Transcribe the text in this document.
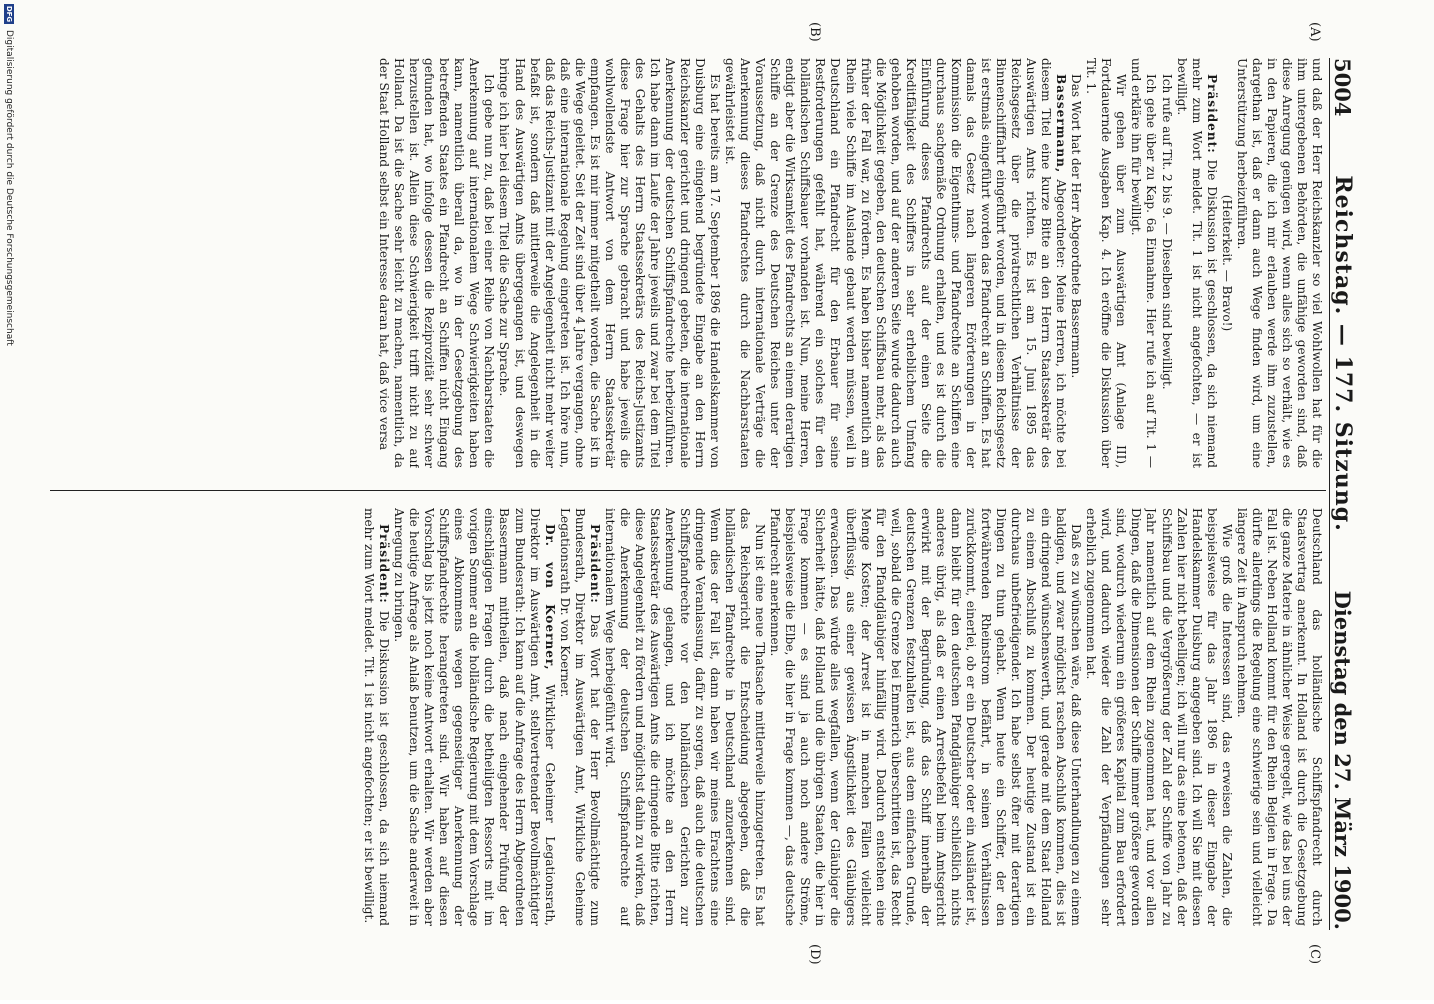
5004
Reichstag. — 177. Sitzung.
Dienstag den 27. März 1900.
(A)
(B)
(C)
(D)

und daß der Herr Reichskanzler so viel Wohlwollen hat für die ihm untergebenen Behörden, die unfähige geworden sind, daß diese Anregung genügen wird, wenn alles sich so verhält, wie es in den Papieren, die ich mir erlauben werde ihm zuzustellen, dargethan ist, daß er dann auch Wege finden wird, um eine Unterstützung herbeizuführen.

(Heiterkeit. — Bravo!)

Präsident: Die Diskussion ist geschlossen, da sich niemand mehr zum Wort meldet. Tit. 1 ist nicht angefochten, — er ist bewilligt.

Ich rufe auf Tit. 2 bis 9. — Dieselben sind bewilligt.

Ich gehe über zu Kap. 6a Einnahme. Hier rufe ich auf Tit. 1 — und erkläre ihn für bewilligt.

Wir gehen über zum Auswärtigen Amt (Anlage III), Fortdauernde Ausgaben Kap. 4. Ich eröffne die Diskussion über Tit. 1.

Das Wort hat der Herr Abgeordnete Bassermann.

Bassermann, Abgeordneter: Meine Herren, ich möchte bei diesem Titel eine kurze Bitte an den Herrn Staatssekretär des Auswärtigen Amts richten. Es ist am 15. Juni 1895 das Reichsgesetz über die privatrechtlichen Verhältnisse der Binnenschifffahrt eingeführt worden, und in diesem Reichsgesetz ist erstmals eingeführt worden das Pfandrecht an Schiffen. Es hat damals das Gesetz nach längeren Erörterungen in der Kommission die Eigenthums- und Pfandrechte an Schiffen eine durchaus sachgemäße Ordnung erhalten, und es ist durch die Einführung dieses Pfandrechts auf der einen Seite die Kreditfähigkeit des Schiffers in sehr erheblichem Umfang gehoben worden, und auf der anderen Seite wurde dadurch auch die Möglichkeit gegeben, den deutschen Schiffsbau mehr, als das früher der Fall war, zu fördern. Es haben bisher namentlich am Rhein viele Schiffe im Auslande gebaut werden müssen, weil in Deutschland ein Pfandrecht für den Erbauer für seine Restforderungen gefehlt hat, während ein solches für den holländischen Schiffsbauer vorhanden ist. Nun, meine Herren, endigt aber die Wirksamkeit des Pfandrechts an einem derartigen Schiffe an der Grenze des Deutschen Reiches unter der Voraussetzung, daß nicht durch internationale Verträge die Anerkennung dieses Pfandrechtes durch die Nachbarstaaten gewährleistet ist.

Es hat bereits am 17. September 1896 die Handelskammer von Duisburg eine eingehend begründete Eingabe an den Herrn Reichskanzler gerichtet und dringend gebeten, die internationale Anerkennung der deutschen Schiffspfandrechte herbeizuführen. Ich habe dann im Laufe der Jahre jeweils und zwar bei dem Titel des Gehalts des Herrn Staatssekretärs des Reichs-Justizamts diese Frage hier zur Sprache gebracht und habe jeweils die wohlwollendste Antwort von dem Herrn Staatssekretär empfangen. Es ist mir immer mitgetheilt worden, die Sache ist in die Wege geleitet. Seit der Zeit sind über 4 Jahre vergangen, ohne daß eine internationale Regelung eingetreten ist. Ich höre nun, daß das Reichs-Justizamt mit der Angelegenheit nicht mehr weiter befaßt ist, sondern daß mittlerweile die Angelegenheit in die Hand des Auswärtigen Amts übergegangen ist, und deswegen bringe ich hier bei diesem Titel die Sache zur Sprache.

Ich gebe nun zu, daß bei einer Reihe von Nachbarstaaten die Anerkennung auf internationalem Wege Schwierigkeiten haben kann, namentlich überall da, wo in der Gesetzgebung des betreffenden Staates ein Pfandrecht an Schiffen nicht Eingang gefunden hat, wo infolge dessen die Reziprozität sehr schwer herzustellen ist. Allein diese Schwierigkeit trifft nicht zu auf Holland. Da ist die Sache sehr leicht zu machen, namentlich, da der Staat Holland selbst ein Interesse daran hat, daß vice versa

Deutschland das holländische Schiffspfandrecht durch Staatsvertrag anerkennt. In Holland ist durch die Gesetzgebung die ganze Materie in ähnlicher Weise geregelt, wie das bei uns der Fall ist. Neben Holland kommt für den Rhein Belgien in Frage. Da dürfte allerdings die Regelung eine schwierige sein und vielleicht längere Zeit in Anspruch nehmen.

Wie groß die Interessen sind, das erweisen die Zahlen, die beispielsweise für das Jahr 1896 in dieser Eingabe der Handelskammer Duisburg angegeben sind. Ich will Sie mit diesen Zahlen hier nicht behelligen; ich will nur das eine betonen, daß der Schiffsbau und die Vergrößerung der Zahl der Schiffe von Jahr zu Jahr namentlich auf dem Rhein zugenommen hat, und vor allen Dingen, daß die Dimensionen der Schiffe immer größere geworden sind, wodurch wiederum ein größeres Kapital zum Bau erfordert wird, und dadurch wieder die Zahl der Verpfändungen sehr erheblich zugenommen hat.

Daß es zu wünschen wäre, daß diese Unterhandlungen zu einem baldigen, und zwar möglichst raschen Abschluß kommen, dies ist ein dringend wünschenswerth, und gerade mit dem Staat Holland zu einem Abschluß zu kommen. Der heutige Zustand ist ein durchaus unbefriedigender. Ich habe selbst öfter mit derartigen Dingen zu thun gehabt. Wenn heute ein Schiffer, der den fortwährenden Rheinstrom befährt, in seinen Verhältnissen zurückkommt, einerlei, ob er ein Deutscher oder ein Ausländer ist, dann bleibt für den deutschen Pfandgläubiger schließlich nichts anderes übrig, als daß er einen Arrestbefehl beim Amtsgericht erwirkt mit der Begründung, daß das Schiff innerhalb der deutschen Grenzen festzuhalten ist, aus dem einfachen Grunde, weil, sobald die Grenze bei Emmerich überschritten ist, das Recht für den Pfandgläubiger hinfällig wird. Dadurch entstehen eine Menge Kosten; der Arrest ist in manchen Fällen vielleicht überflüssig, aus einer gewissen Ängstlichkeit des Gläubigers erwachsen. Das würde alles wegfallen, wenn der Gläubiger die Sicherheit hätte, daß Holland und die übrigen Staaten, die hier in Frage kommen — es sind ja auch noch andere Ströme, beispielsweise die Elbe, die hier in Frage kommen —, das deutsche Pfandrecht anerkennen.

Nun ist eine neue Thatsache mittlerweile hinzugetreten. Es hat das Reichsgericht die Entscheidung abgegeben, daß die holländischen Pfandrechte in Deutschland anzuerkennen sind. Wenn dies der Fall ist, dann haben wir meines Erachtens eine dringende Veranlassung, dafür zu sorgen, daß auch die deutschen Schiffspfandrechte vor den holländischen Gerichten zur Anerkennung gelangen, und ich möchte an den Herrn Staatssekretär des Auswärtigen Amts die dringende Bitte richten, diese Angelegenheit zu fördern und möglichst dahin zu wirken, daß die Anerkennung der deutschen Schiffspfandrechte auf internationalem Wege herbeigeführt wird.

Präsident: Das Wort hat der Herr Bevollmächtigte zum Bundesrath, Direktor im Auswärtigen Amt, Wirkliche Geheime Legationsrath Dr. von Koerner.

Dr. von Koerner, Wirklicher Geheimer Legationsrath, Direktor im Auswärtigen Amt, stellvertretender Bevollmächtigter zum Bundesrath: Ich kann auf die Anfrage des Herrn Abgeordneten Bassermann mittheilen, daß nach eingehender Prüfung der einschlägigen Fragen durch die betheiligten Ressorts mit im vorigen Sommer an die holländische Regierung mit dem Vorschlage eines Abkommens wegen gegenseitiger Anerkennung der Schiffspfandrechte herangetreten sind. Wir haben auf diesen Vorschlag bis jetzt noch keine Antwort erhalten. Wir werden aber die heutige Anfrage als Anlaß benutzen, um die Sache anderweit in Anregung zu bringen.

Präsident: Die Diskussion ist geschlossen, da sich niemand mehr zum Wort meldet. Tit. 1 ist nicht angefochten; er ist bewilligt.

DFG
Digitalisierung gefördert durch die Deutsche Forschungsgemeinschaft
